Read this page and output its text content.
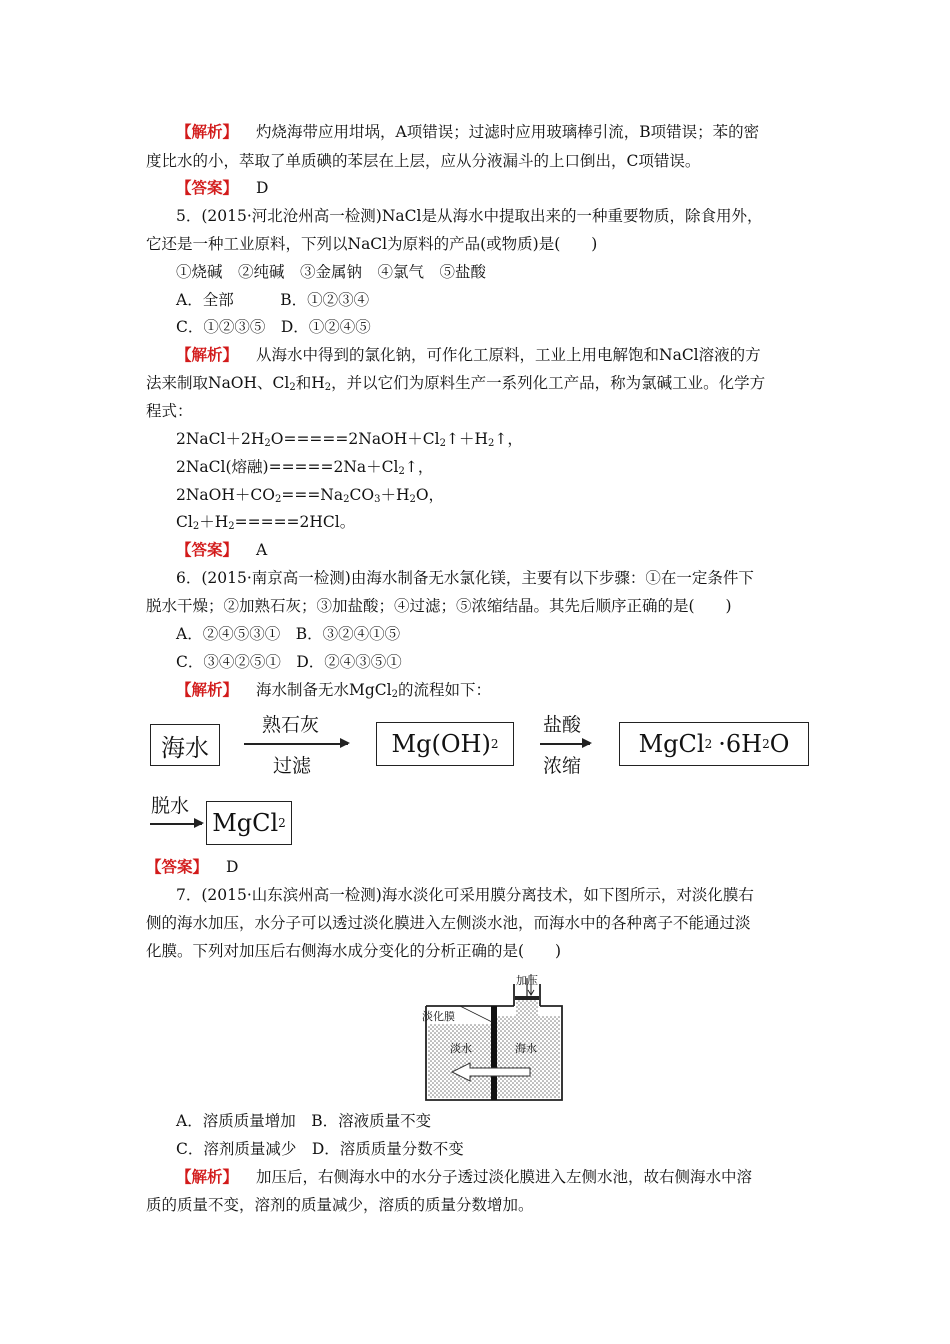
【解析】 灼烧海带应用坩埚，A项错误；过滤时应用玻璃棒引流，B项错误；苯的密
度比水的小，萃取了单质碘的苯层在上层，应从分液漏斗的上口倒出，C项错误。
【答案】 D
5．(2015·河北沧州高一检测)NaCl是从海水中提取出来的一种重要物质，除食用外，
它还是一种工业原料，下列以NaCl为原料的产品(或物质)是(　　)
①烧碱　②纯碱　③金属钠　④氯气　⑤盐酸
A．全部　　　B．①②③④
C．①②③⑤　D．①②④⑤
【解析】 从海水中得到的氯化钠，可作化工原料，工业上用电解饱和NaCl溶液的方
法来制取NaOH、$Cl_2$和$H_2$，并以它们为原料生产一系列化工产品，称为氯碱工业。化学方
程式：
$2NaCl+2H_2O=====2NaOH+Cl_2↑+H_2↑$，
2NaCl(熔融)$=====2Na+Cl_2↑$，
$2NaOH+CO_2===Na_2CO_3+H_2O$，
$Cl_2+H_2=====2HCl$。
【答案】 A
6．(2015·南京高一检测)由海水制备无水氯化镁，主要有以下步骤：①在一定条件下
脱水干燥；②加熟石灰；③加盐酸；④过滤；⑤浓缩结晶。其先后顺序正确的是(　　)
A．②④⑤③①　B．③②④①⑤
C．③④②⑤①　D．②④③⑤①
【解析】 海水制备无水MgCl$_2$的流程如下：
海水
熟石灰
过滤
Mg(OH) 2
盐酸
浓缩
MgCl 2 ·6H 2 O
脱水
MgCl 2
【答案】 D
7．(2015·山东滨州高一检测)海水淡化可采用膜分离技术，如下图所示，对淡化膜右
侧的海水加压，水分子可以透过淡化膜进入左侧淡水池，而海水中的各种离子不能通过淡
化膜。下列对加压后右侧海水成分变化的分析正确的是(　　)
加压
淡化膜
淡水	海水
A．溶质质量增加　B．溶液质量不变
C．溶剂质量减少　D．溶质质量分数不变
【解析】 加压后，右侧海水中的水分子透过淡化膜进入左侧水池，故右侧海水中溶
质的质量不变，溶剂的质量减少，溶质的质量分数增加。
